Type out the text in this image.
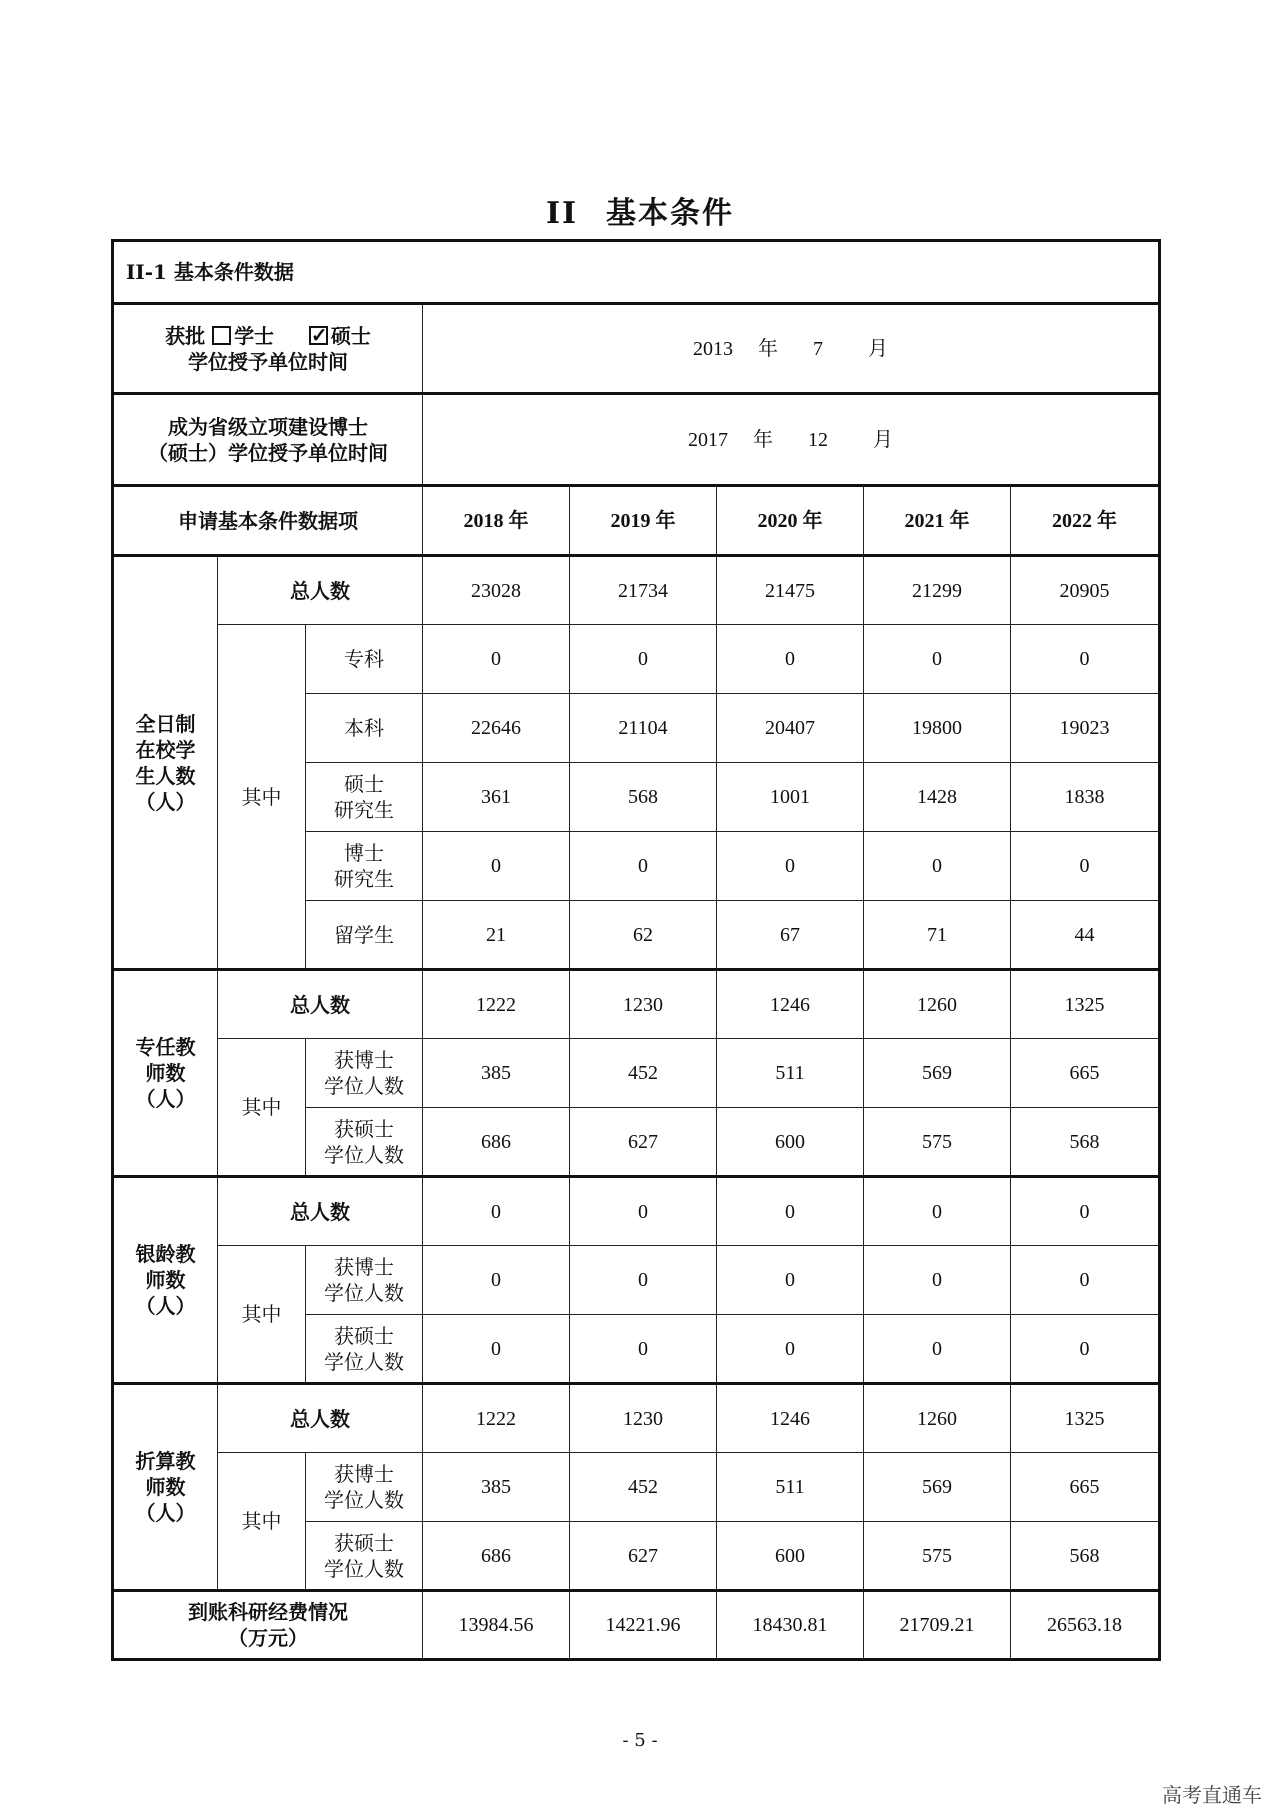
II 基本条件
II-1 基本条件数据							

获批 学士 ✓ 硕士
学位授予单位时间			2013 年 7 月				

成为省级立项建设博士
（硕士）学位授予单位时间			2017 年 12 月				
申请基本条件数据项			2018 年	2019 年	2020 年	2021 年	2022 年

全日制
在校学
生人数
（人）	总人数		23028	21734	21475	21299	20905
	其中	专科	0	0	0	0	0

		本科	22646	21104	20407	19800	19023

		硕士
研究生	361	568	1001	1428	1838

		博士
研究生	0	0	0	0	0

		留学生	21	62	67	71	44

专任教
师数
（人）	总人数		1222	1230	1246	1260	1325
	其中	获博士
学位人数	385	452	511	569	665

		获硕士
学位人数	686	627	600	575	568

银龄教
师数
（人）	总人数		0	0	0	0	0
	其中	获博士
学位人数	0	0	0	0	0

		获硕士
学位人数	0	0	0	0	0

折算教
师数
（人）	总人数		1222	1230	1246	1260	1325
	其中	获博士
学位人数	385	452	511	569	665

		获硕士
学位人数	686	627	600	575	568

到账科研经费情况
（万元）			13984.56	14221.96	18430.81	21709.21	26563.18
- 5 -
高考直通车
